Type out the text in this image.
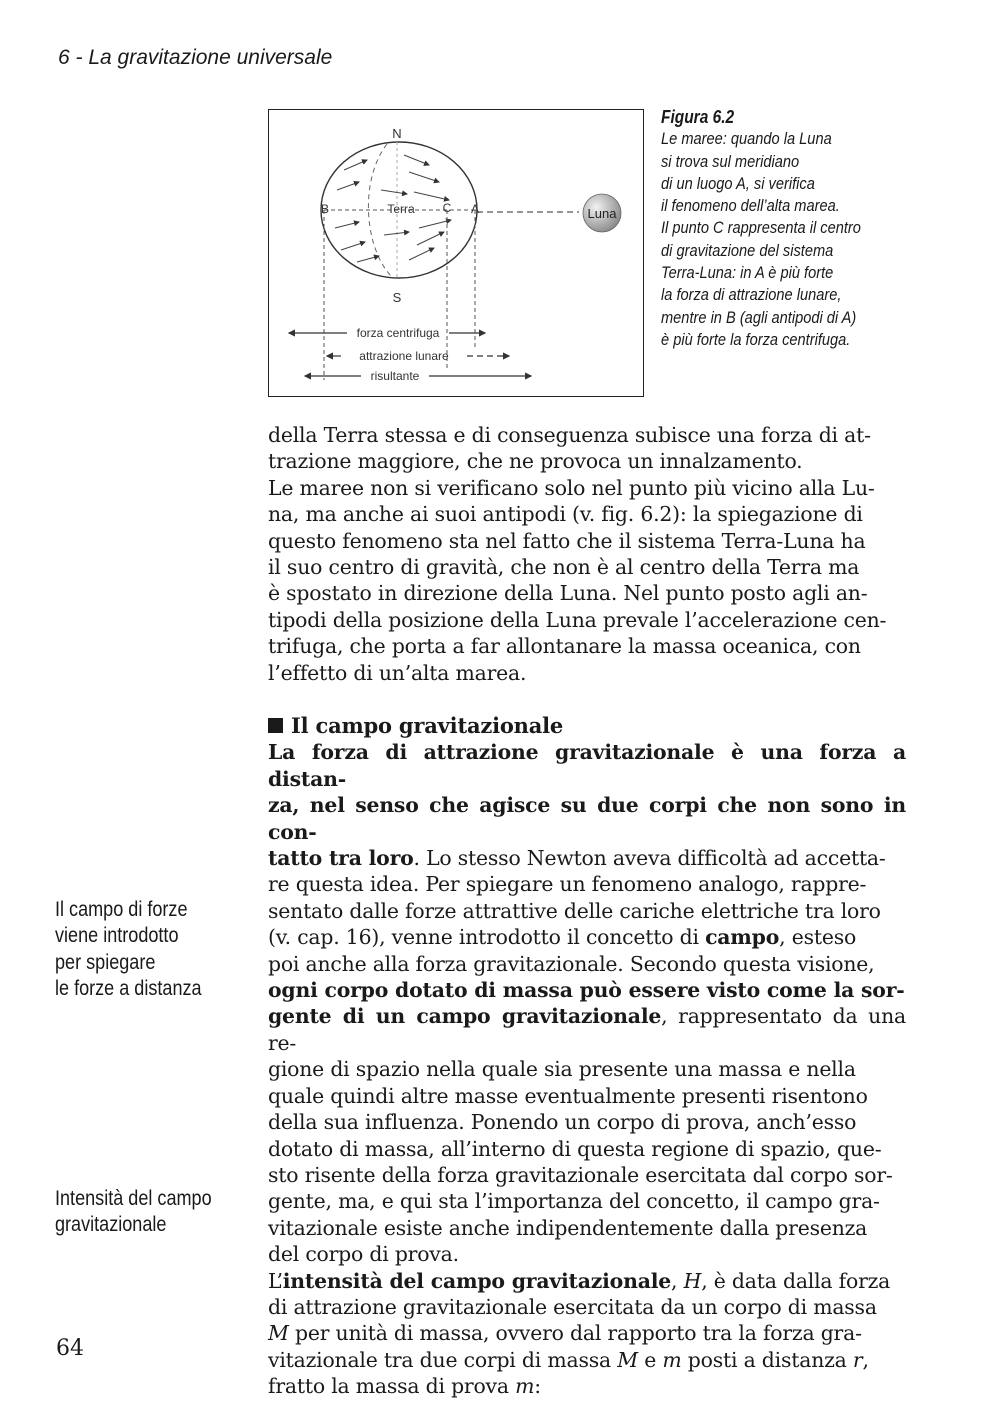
6 - La gravitazione universale
Luna
N
S
Terra
B	C A
forza centrifuga
attrazione lunare
risultante
Figura 6.2
Le maree: quando la Luna
si trova sul meridiano
di un luogo A, si verifica
il fenomeno dell’alta marea.
Il punto C rappresenta il centro
di gravitazione del sistema
Terra-Luna: in A è più forte
la forza di attrazione lunare,
mentre in B (agli antipodi di A)
è più forte la forza centrifuga.
della Terra stessa e di conseguenza subisce una forza di at-
trazione maggiore, che ne provoca un innalzamento.
Le maree non si verificano solo nel punto più vicino alla Lu-
na, ma anche ai suoi antipodi (v. fig. 6.2): la spiegazione di
questo fenomeno sta nel fatto che il sistema Terra-Luna ha
il suo centro di gravità, che non è al centro della Terra ma
è spostato in direzione della Luna. Nel punto posto agli an-
tipodi della posizione della Luna prevale l’accelerazione cen-
trifuga, che porta a far allontanare la massa oceanica, con
l’effetto di un’alta marea.
Il campo gravitazionale
La forza di attrazione gravitazionale è una forza a distan-
za, nel senso che agisce su due corpi che non sono in con-
tatto tra loro. Lo stesso Newton aveva difficoltà ad accetta-
re questa idea. Per spiegare un fenomeno analogo, rappre-
sentato dalle forze attrattive delle cariche elettriche tra loro
(v. cap. 16), venne introdotto il concetto di campo, esteso
poi anche alla forza gravitazionale. Secondo questa visione,
ogni corpo dotato di massa può essere visto come la sor-
gente di un campo gravitazionale, rappresentato da una re-
gione di spazio nella quale sia presente una massa e nella
quale quindi altre masse eventualmente presenti risentono
della sua influenza. Ponendo un corpo di prova, anch’esso
dotato di massa, all’interno di questa regione di spazio, que-
sto risente della forza gravitazionale esercitata dal corpo sor-
gente, ma, e qui sta l’importanza del concetto, il campo gra-
vitazionale esiste anche indipendentemente dalla presenza
del corpo di prova.
L’intensità del campo gravitazionale, H, è data dalla forza
di attrazione gravitazionale esercitata da un corpo di massa
M per unità di massa, ovvero dal rapporto tra la forza gra-
vitazionale tra due corpi di massa M e m posti a distanza r,
fratto la massa di prova m:
Il campo di forze
viene introdotto
per spiegare
le forze a distanza
Intensità del campo
gravitazionale
64
